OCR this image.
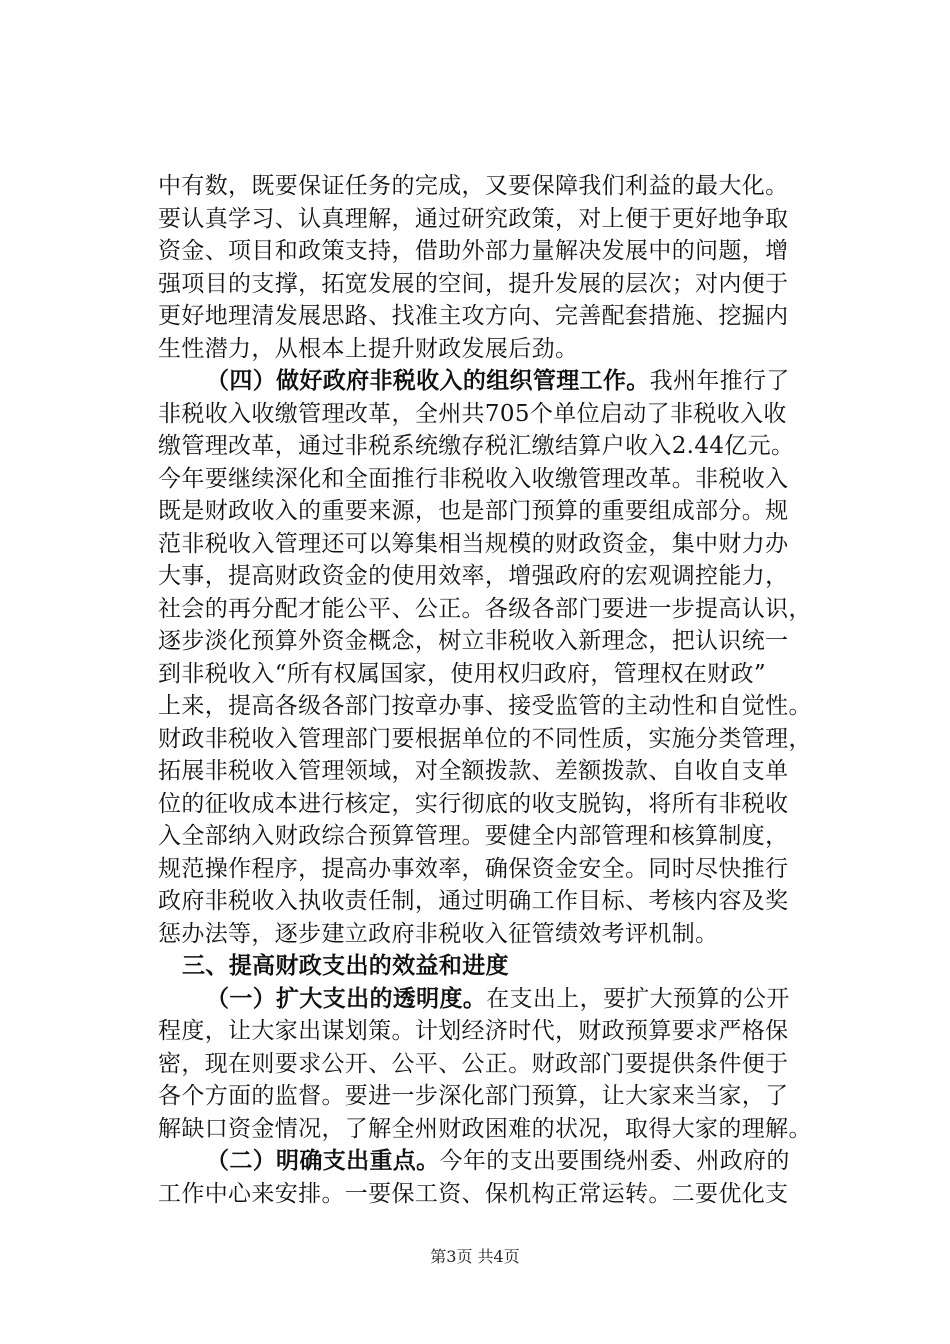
中有数，既要保证任务的完成，又要保障我们利益的最大化。
要认真学习、认真理解，通过研究政策，对上便于更好地争取
资金、项目和政策支持，借助外部力量解决发展中的问题，增
强项目的支撑，拓宽发展的空间，提升发展的层次；对内便于
更好地理清发展思路、找准主攻方向、完善配套措施、挖掘内
生性潜力，从根本上提升财政发展后劲。
（四）做好政府非税收入的组织管理工作。我州年推行了
非税收入收缴管理改革，全州共705个单位启动了非税收入收
缴管理改革，通过非税系统缴存税汇缴结算户收入2.44亿元。
今年要继续深化和全面推行非税收入收缴管理改革。非税收入
既是财政收入的重要来源，也是部门预算的重要组成部分。规
范非税收入管理还可以筹集相当规模的财政资金，集中财力办
大事，提高财政资金的使用效率，增强政府的宏观调控能力，
社会的再分配才能公平、公正。各级各部门要进一步提高认识，
逐步淡化预算外资金概念，树立非税收入新理念，把认识统一
到非税收入“所有权属国家，使用权归政府，管理权在财政”
上来，提高各级各部门按章办事、接受监管的主动性和自觉性。
财政非税收入管理部门要根据单位的不同性质，实施分类管理，
拓展非税收入管理领域，对全额拨款、差额拨款、自收自支单
位的征收成本进行核定，实行彻底的收支脱钩，将所有非税收
入全部纳入财政综合预算管理。要健全内部管理和核算制度，
规范操作程序，提高办事效率，确保资金安全。同时尽快推行
政府非税收入执收责任制，通过明确工作目标、考核内容及奖
惩办法等，逐步建立政府非税收入征管绩效考评机制。
三、提高财政支出的效益和进度
（一）扩大支出的透明度。在支出上，要扩大预算的公开
程度，让大家出谋划策。计划经济时代，财政预算要求严格保
密，现在则要求公开、公平、公正。财政部门要提供条件便于
各个方面的监督。要进一步深化部门预算，让大家来当家，了
解缺口资金情况，了解全州财政困难的状况，取得大家的理解。
（二）明确支出重点。今年的支出要围绕州委、州政府的
工作中心来安排。一要保工资、保机构正常运转。二要优化支
第3页 共4页
